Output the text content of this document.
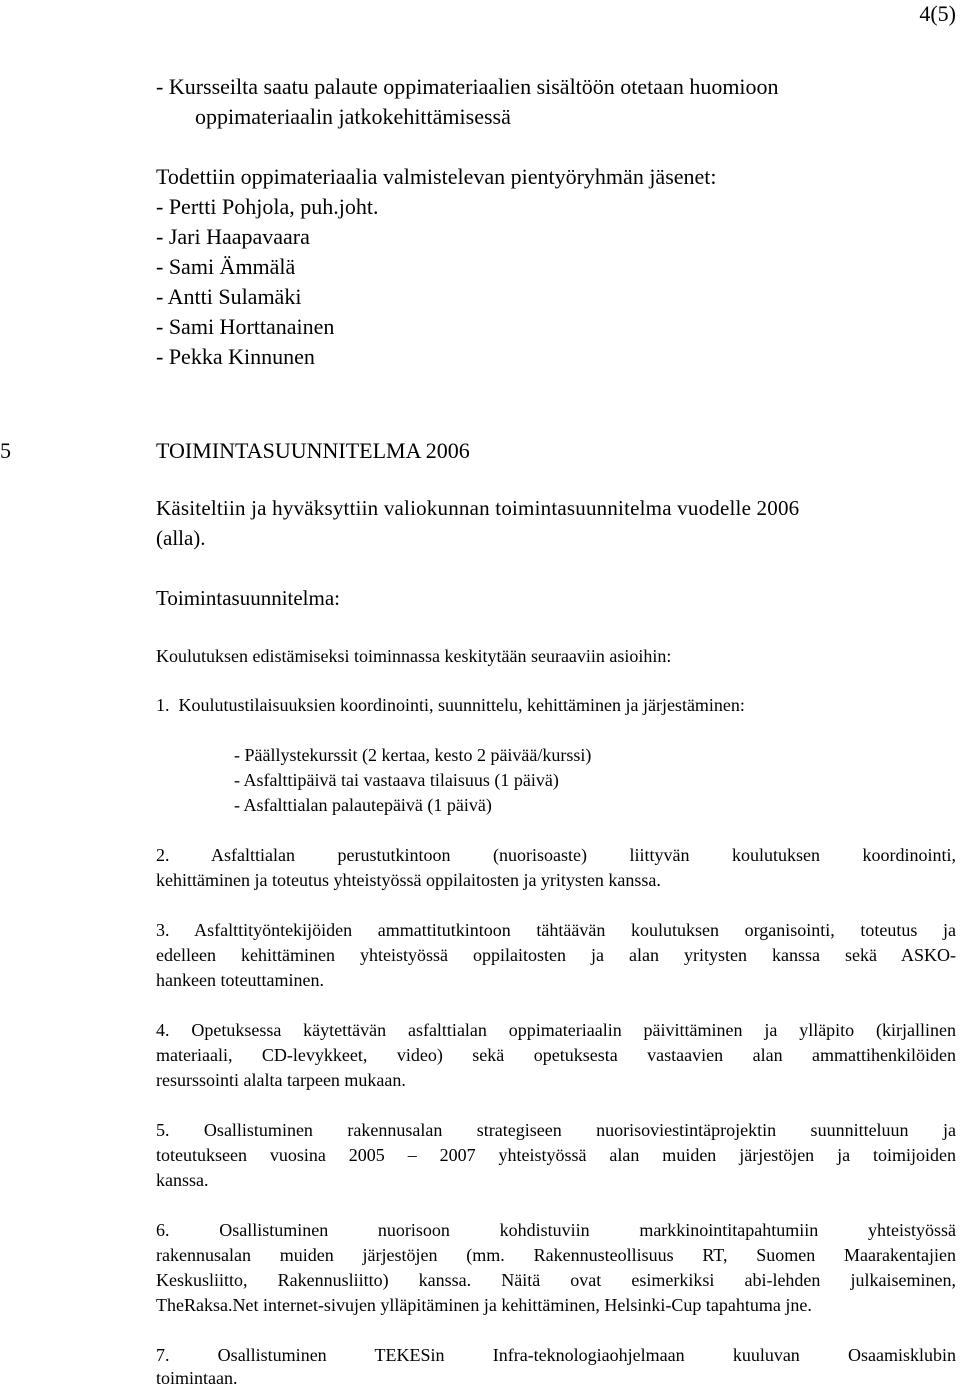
4(5)
- Kursseilta saatu palaute oppimateriaalien sisältöön otetaan huomioon
oppimateriaalin jatkokehittämisessä
Todettiin oppimateriaalia valmistelevan pientyöryhmän jäsenet:
- Pertti Pohjola, puh.joht.
- Jari Haapavaara
- Sami Ämmälä
- Antti Sulamäki
- Sami Horttanainen
- Pekka Kinnunen
5	TOIMINTASUUNNITELMA 2006
Käsiteltiin ja hyväksyttiin valiokunnan toimintasuunnitelma vuodelle 2006
(alla).
Toimintasuunnitelma:
Koulutuksen edistämiseksi toiminnassa keskitytään seuraaviin asioihin:
1.  Koulutustilaisuuksien koordinointi, suunnittelu, kehittäminen ja järjestäminen:
- Päällystekurssit (2 kertaa, kesto 2 päivää/kurssi)
- Asfalttipäivä tai vastaava tilaisuus (1 päivä)
- Asfalttialan palautepäivä (1 päivä)
2. Asfalttialan perustutkintoon (nuorisoaste) liittyvän koulutuksen koordinointi,
kehittäminen ja toteutus yhteistyössä oppilaitosten ja yritysten kanssa.
3. Asfalttityöntekijöiden ammattitutkintoon tähtäävän koulutuksen organisointi, toteutus ja
edelleen kehittäminen yhteistyössä oppilaitosten ja alan yritysten kanssa sekä ASKO-
hankeen toteuttaminen.
4. Opetuksessa käytettävän asfalttialan oppimateriaalin päivittäminen ja ylläpito (kirjallinen
materiaali, CD-levykkeet, video) sekä opetuksesta vastaavien alan ammattihenkilöiden
resurssointi alalta tarpeen mukaan.
5. Osallistuminen rakennusalan strategiseen nuorisoviestintäprojektin suunnitteluun ja
toteutukseen vuosina 2005 – 2007 yhteistyössä alan muiden järjestöjen ja toimijoiden
kanssa.
6. Osallistuminen nuorisoon kohdistuviin markkinointitapahtumiin yhteistyössä
rakennusalan muiden järjestöjen (mm. Rakennusteollisuus RT, Suomen Maarakentajien
Keskusliitto, Rakennusliitto) kanssa. Näitä ovat esimerkiksi abi-lehden julkaiseminen,
TheRaksa.Net internet-sivujen ylläpitäminen ja kehittäminen, Helsinki-Cup tapahtuma jne.
7. Osallistuminen TEKESin Infra-teknologiaohjelmaan kuuluvan Osaamisklubin
toimintaan.
